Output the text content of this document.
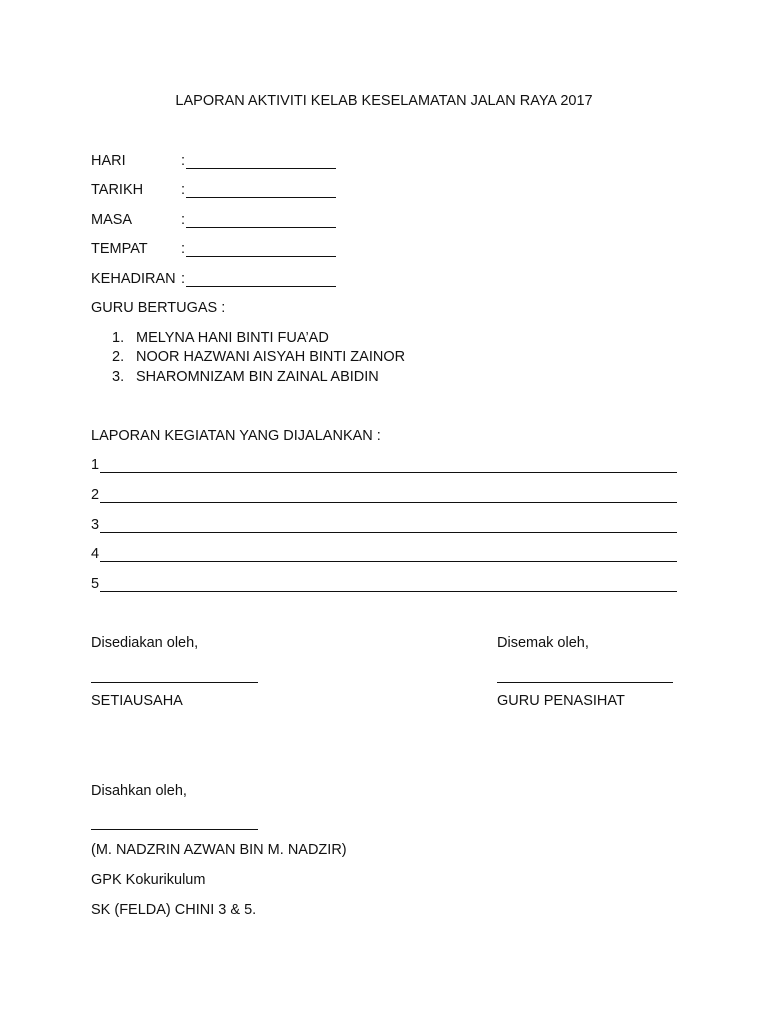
LAPORAN AKTIVITI KELAB KESELAMATAN JALAN RAYA 2017
HARI	:
TARIKH	:
MASA	:
TEMPAT	:
KEHADIRAN :
GURU BERTUGAS :
1. MELYNA HANI BINTI FUA’AD
2. NOOR HAZWANI AISYAH BINTI ZAINOR
3. SHAROMNIZAM BIN ZAINAL ABIDIN
LAPORAN KEGIATAN YANG DIJALANKAN :
1
2
3
4
5
Disediakan oleh,
SETIAUSAHA
Disemak oleh,
GURU PENASIHAT
Disahkan oleh,
(M. NADZRIN AZWAN BIN M. NADZIR)
GPK Kokurikulum
SK (FELDA) CHINI 3 & 5.
